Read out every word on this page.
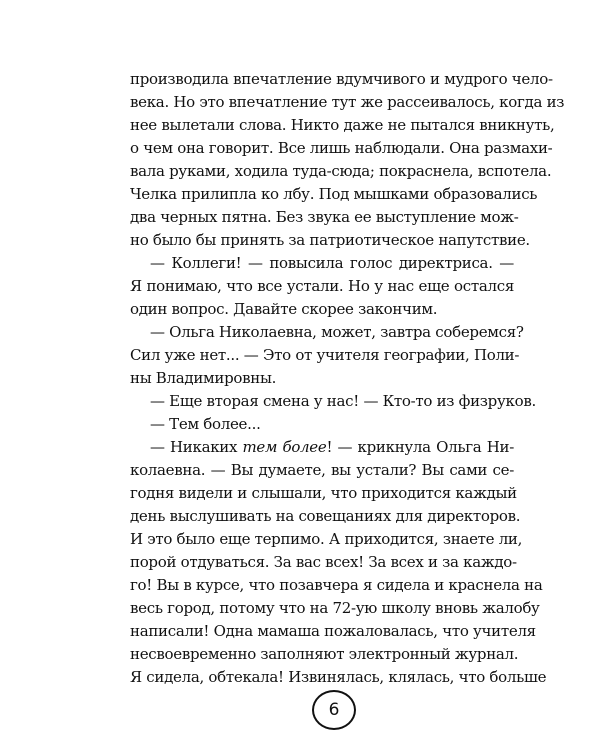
производила впечатление вдумчивого и мудрого чело-
века. Но это впечатление тут же рассеивалось, когда из
нее вылетали слова. Никто даже не пытался вникнуть,
о чем она говорит. Все лишь наблюдали. Она размахи-
вала руками, ходила туда-сюда; покраснела, вспотела.
Челка прилипла ко лбу. Под мышками образовались
два черных пятна. Без звука ее выступление мож-
но было бы принять за патриотическое напутствие.
— Коллеги! — повысила голос директриса. —
Я понимаю, что все устали. Но у нас еще остался
один вопрос. Давайте скорее закончим.
— Ольга Николаевна, может, завтра соберемся?
Сил уже нет... — Это от учителя географии, Поли-
ны Владимировны.
— Еще вторая смена у нас! — Кто-то из физруков.
— Тем более...
— Никаких тем более! — крикнула Ольга Ни-
колаевна. — Вы думаете, вы устали? Вы сами се-
годня видели и слышали, что приходится каждый
день выслушивать на совещаниях для директоров.
И это было еще терпимо. А приходится, знаете ли,
порой отдуваться. За вас всех! За всех и за каждо-
го! Вы в курсе, что позавчера я сидела и краснела на
весь город, потому что на 72-ую школу вновь жалобу
написали! Одна мамаша пожаловалась, что учителя
несвоевременно заполняют электронный журнал.
Я сидела, обтекала! Извинялась, клялась, что больше
6
